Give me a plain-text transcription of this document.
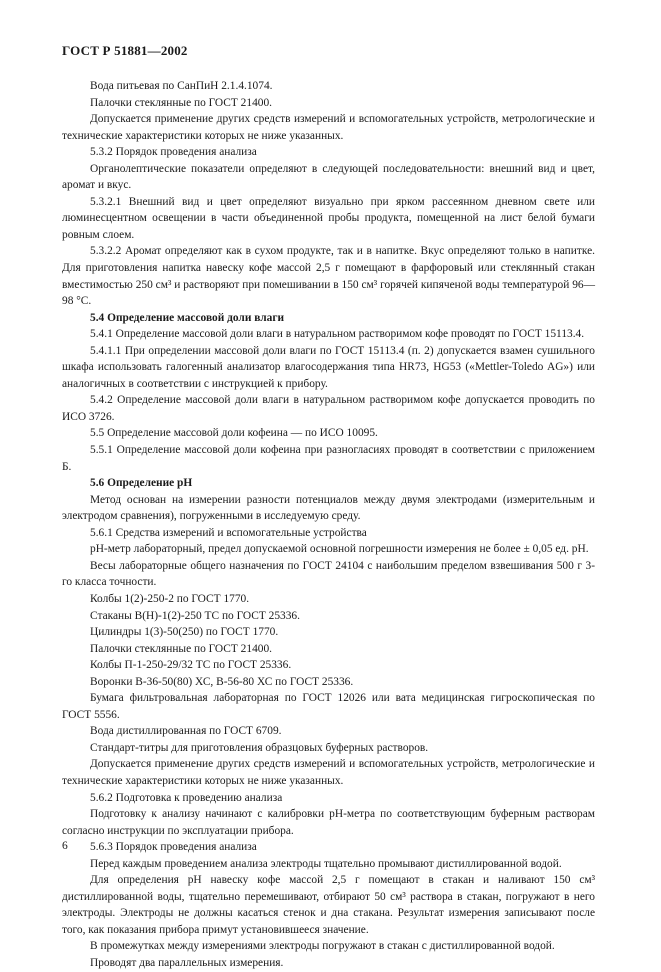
ГОСТ Р 51881—2002

Вода питьевая по СанПиН 2.1.4.1074.

Палочки стеклянные по ГОСТ 21400.

Допускается применение других средств измерений и вспомогательных устройств, метрологические и технические характеристики которых не ниже указанных.

5.3.2 Порядок проведения анализа

Органолептические показатели определяют в следующей последовательности: внешний вид и цвет, аромат и вкус.

5.3.2.1 Внешний вид и цвет определяют визуально при ярком рассеянном дневном свете или люминесцентном освещении в части объединенной пробы продукта, помещенной на лист белой бумаги ровным слоем.

5.3.2.2 Аромат определяют как в сухом продукте, так и в напитке. Вкус определяют только в напитке. Для приготовления напитка навеску кофе массой 2,5 г помещают в фарфоровый или стеклянный стакан вместимостью 250 см³ и растворяют при помешивании в 150 см³ горячей кипяченой воды температурой 96—98 °С.

5.4 Определение массовой доли влаги

5.4.1 Определение массовой доли влаги в натуральном растворимом кофе проводят по ГОСТ 15113.4.

5.4.1.1 При определении массовой доли влаги по ГОСТ 15113.4 (п. 2) допускается взамен сушильного шкафа использовать галогенный анализатор влагосодержания типа HR73, HG53 («Mettler-Toledo AG») или аналогичных в соответствии с инструкцией к прибору.

5.4.2 Определение массовой доли влаги в натуральном растворимом кофе допускается проводить по ИСО 3726.

5.5 Определение массовой доли кофеина — по ИСО 10095.

5.5.1 Определение массовой доли кофеина при разногласиях проводят в соответствии с приложением Б.

5.6 Определение рН

Метод основан на измерении разности потенциалов между двумя электродами (измерительным и электродом сравнения), погруженными в исследуемую среду.

5.6.1 Средства измерений и вспомогательные устройства

рН-метр лабораторный, предел допускаемой основной погрешности измерения не более ± 0,05 ед. рН.

Весы лабораторные общего назначения по ГОСТ 24104 с наибольшим пределом взвешивания 500 г 3-го класса точности.

Колбы 1(2)-250-2 по ГОСТ 1770.

Стаканы В(Н)-1(2)-250 ТС по ГОСТ 25336.

Цилиндры 1(3)-50(250) по ГОСТ 1770.

Палочки стеклянные по ГОСТ 21400.

Колбы П-1-250-29/32 ТС по ГОСТ 25336.

Воронки В-36-50(80) ХС, В-56-80 ХС по ГОСТ 25336.

Бумага фильтровальная лабораторная по ГОСТ 12026 или вата медицинская гигроскопическая по ГОСТ 5556.

Вода дистиллированная по ГОСТ 6709.

Стандарт-титры для приготовления образцовых буферных растворов.

Допускается применение других средств измерений и вспомогательных устройств, метрологические и технические характеристики которых не ниже указанных.

5.6.2 Подготовка к проведению анализа

Подготовку к анализу начинают с калибровки рН-метра по соответствующим буферным растворам согласно инструкции по эксплуатации прибора.

5.6.3 Порядок проведения анализа

Перед каждым проведением анализа электроды тщательно промывают дистиллированной водой.

Для определения рН навеску кофе массой 2,5 г помещают в стакан и наливают 150 см³ дистиллированной воды, тщательно перемешивают, отбирают 50 см³ раствора в стакан, погружают в него электроды. Электроды не должны касаться стенок и дна стакана. Результат измерения записывают после того, как показания прибора примут установившееся значение.

В промежутках между измерениями электроды погружают в стакан с дистиллированной водой.

Проводят два параллельных измерения.

6
